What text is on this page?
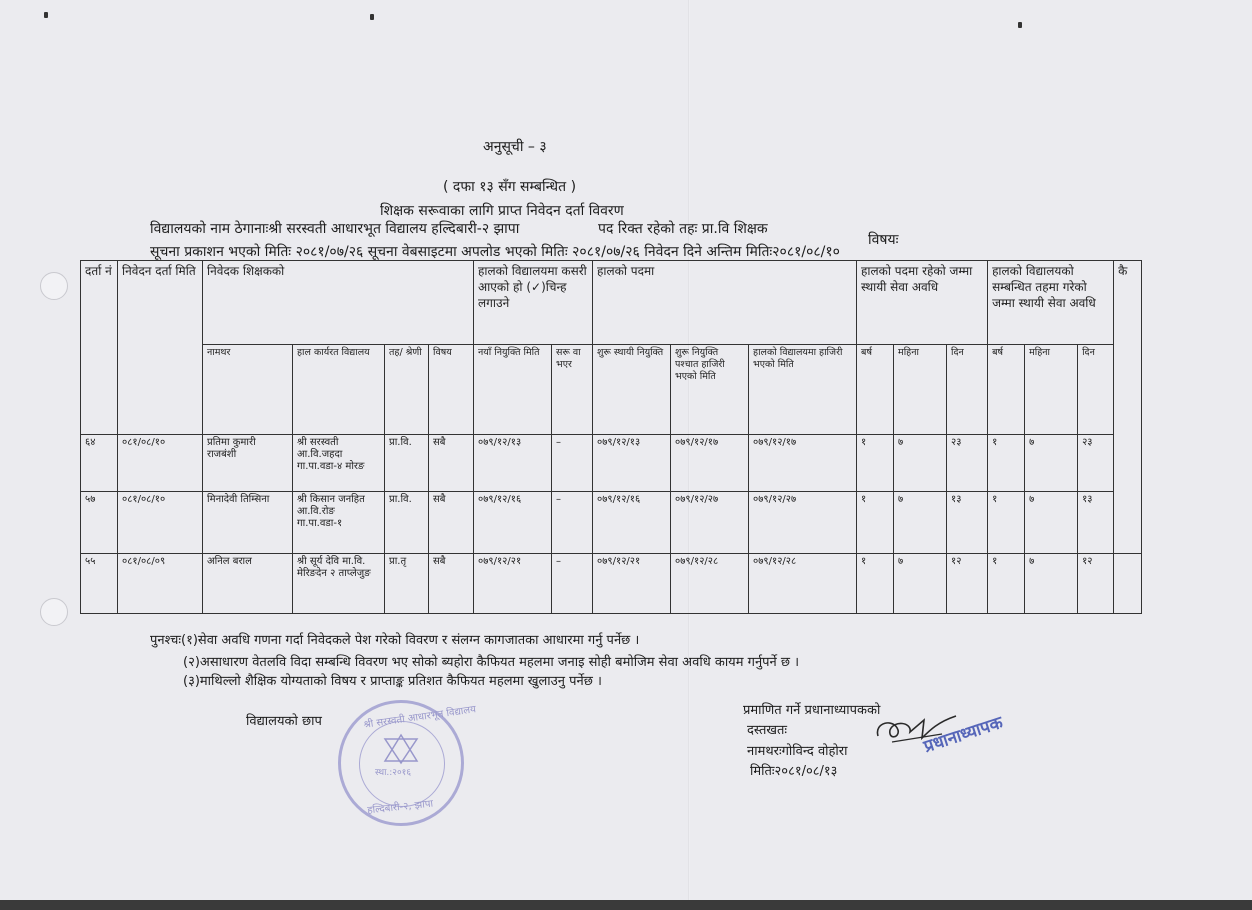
अनुसूची – ३
( दफा १३ सँग सम्बन्धित )
शिक्षक सरूवाका लागि प्राप्त निवेदन दर्ता विवरण
विद्यालयको नाम ठेगानाःश्री सरस्वती आधारभूत विद्यालय हल्दिबारी-२ झापा	पद रिक्त रहेको तहः प्रा.वि शिक्षक
विषयः
सूचना प्रकाशन भएको मितिः २०८१/०७/२६ सूचना वेबसाइटमा अपलोड भएको मितिः २०८१/०७/२६ निवेदन दिने अन्तिम मितिः२०८१/०८/१०
दर्ता नं	निवेदन दर्ता मिति	निवेदक शिक्षकको				हालको विद्यालयमा कसरी आएको हो (✓)चिन्ह लगाउने		हालको पदमा			हालको पदमा रहेको जम्मा स्थायी सेवा अवधि			हालको विद्यालयको सम्बन्धित तहमा गरेको जम्मा स्थायी सेवा अवधि			कै	
		नामथर	हाल कार्यरत विद्यालय	तह/ श्रेणी	विषय	नयाँ नियुक्ति मिति	सरू वा भएर	शुरू स्थायी नियुक्ति	शुरू नियुक्ति पश्चात हाजिरी भएको मिति	हालको विद्यालयमा हाजिरी भएको मिति	बर्ष	महिना	दिन	बर्ष	महिना	दिन		
६४	०८१/०८/१०	प्रतिमा कुमारी राजबंशी	श्री सरस्वती आ.वि.जहदा गा.पा.वडा-४ मोरङ	प्रा.वि.	सबै	०७९/१२/१३	–	०७९/१२/१३	०७९/१२/१७	०७९/१२/१७	१	७	२३	१	७	२३		
५७	०८१/०८/१०	मिनादेवी तिम्सिना	श्री किसान जनहित आ.वि.रोङ गा.पा.वडा-१	प्रा.वि.	सबै	०७९/१२/१६	–	०७९/१२/१६	०७९/१२/२७	०७९/१२/२७	१	७	१३	१	७	१३		
५५	०८१/०८/०९	अनिल बराल	श्री सूर्य देवि मा.वि. मेरिङदेन २ ताप्लेजुङ	प्रा.तृ	सबै	०७९/१२/२१	–	०७९/१२/२१	०७९/१२/२८	०७९/१२/२८	१	७	१२	१	७	१२		
पुनश्चः(१)सेवा अवधि गणना गर्दा निवेदकले पेश गरेको विवरण र संलग्न कागजातका आधारमा गर्नु पर्नेछ ।
(२)असाधारण वेतलवि विदा सम्बन्धि विवरण भए सोको ब्यहोरा कैफियत महलमा जनाइ सोही बमोजिम सेवा अवधि कायम गर्नुपर्ने छ ।
(३)माथिल्लो शैक्षिक योग्यताको विषय र प्राप्ताङ्क प्रतिशत कैफियत महलमा खुलाउनु पर्नेछ ।
विद्यालयको छाप	श्री सरस्वती आधारभूत विद्यालय
स्था.:२०१६
हल्दिबारी-२, झापा
प्रमाणित गर्ने प्रधानाध्यापकको
दस्तखतः
नामथरःगोविन्द वोहोरा
मितिः२०८१/०८/१३
प्रधानाध्यापक
